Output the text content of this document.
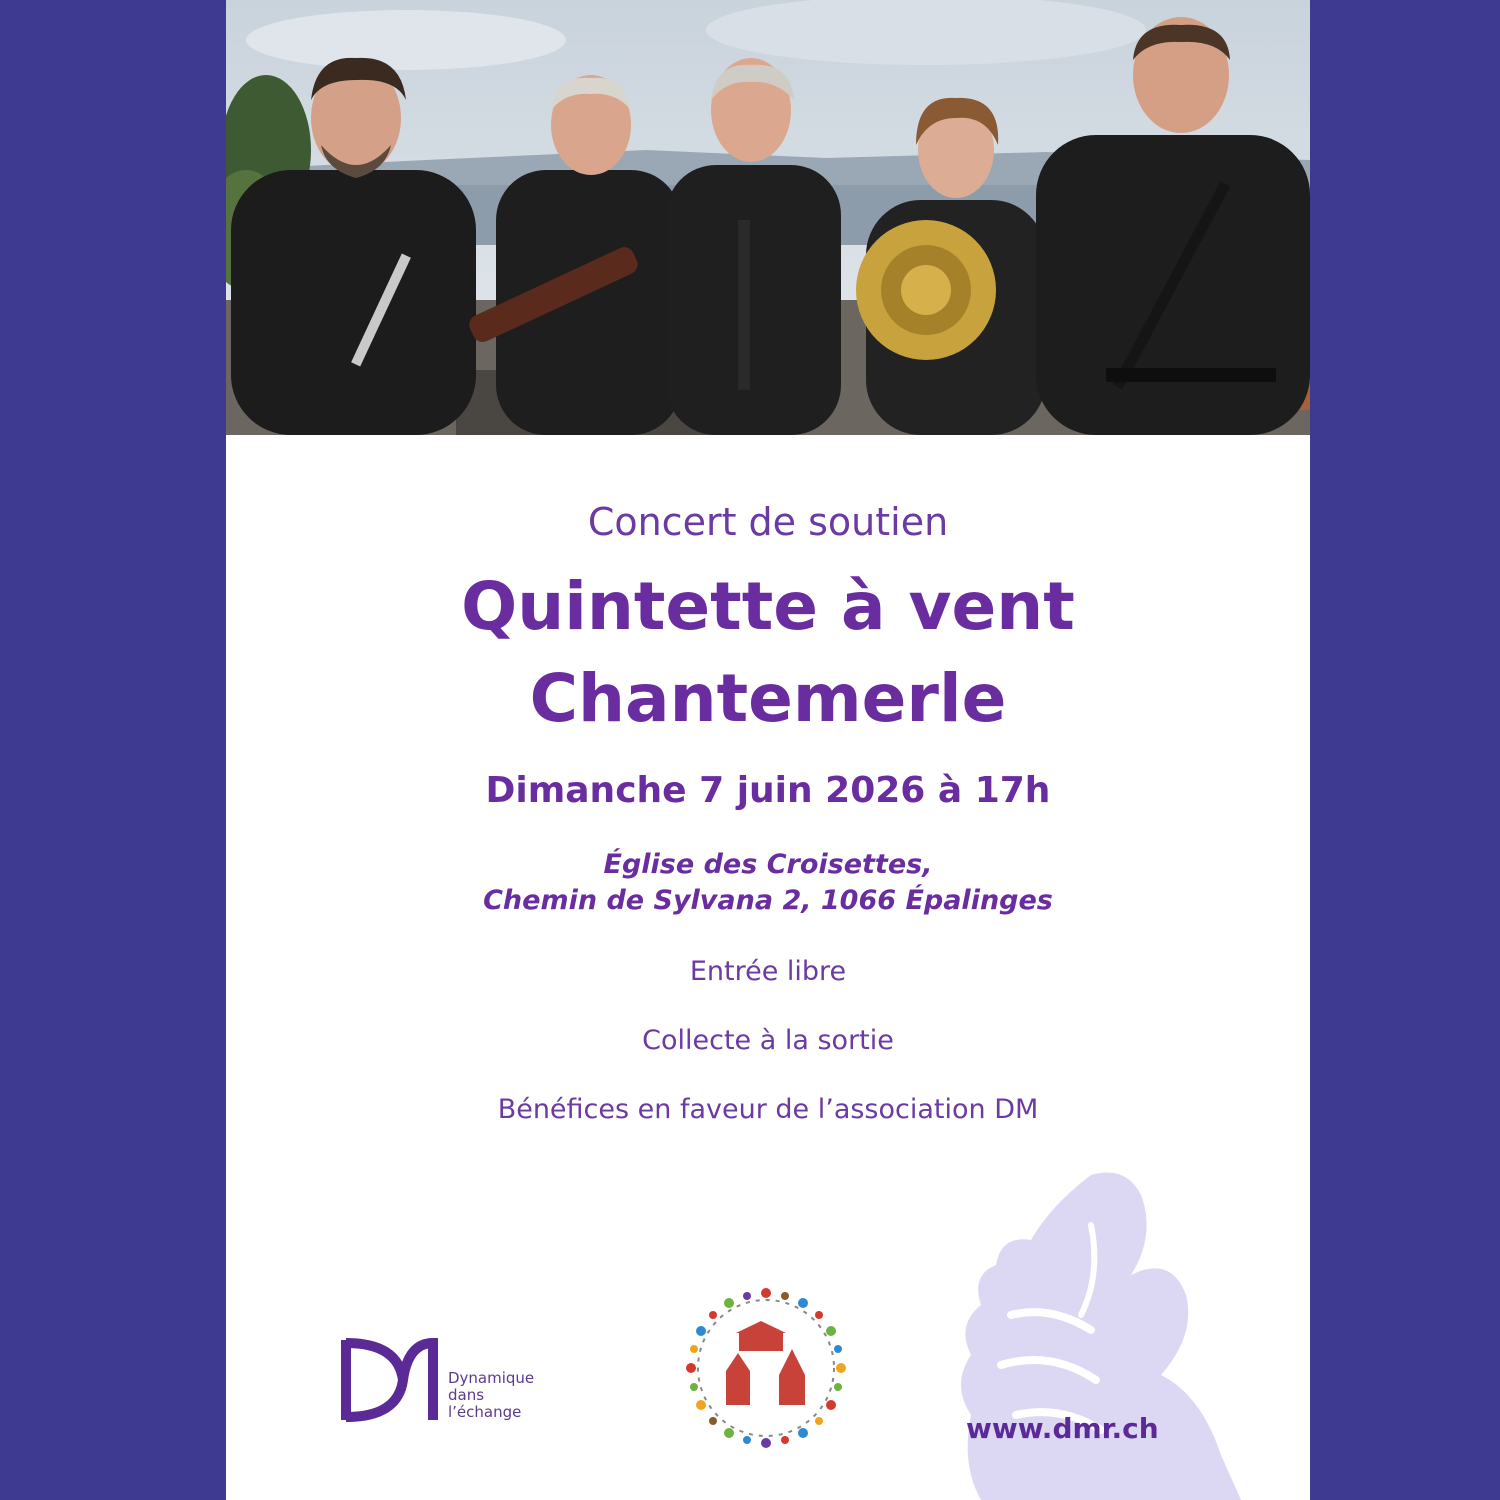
Concert de soutien
Quintette à vent
Chantemerle
Dimanche 7 juin 2026 à 17h
Église des Croisettes,
Chemin de Sylvana 2, 1066 Épalinges
Entrée libre
Collecte à la sortie
Bénéfices en faveur de l’association DM
Dynamique
dans
l’échange	www.dmr.ch
